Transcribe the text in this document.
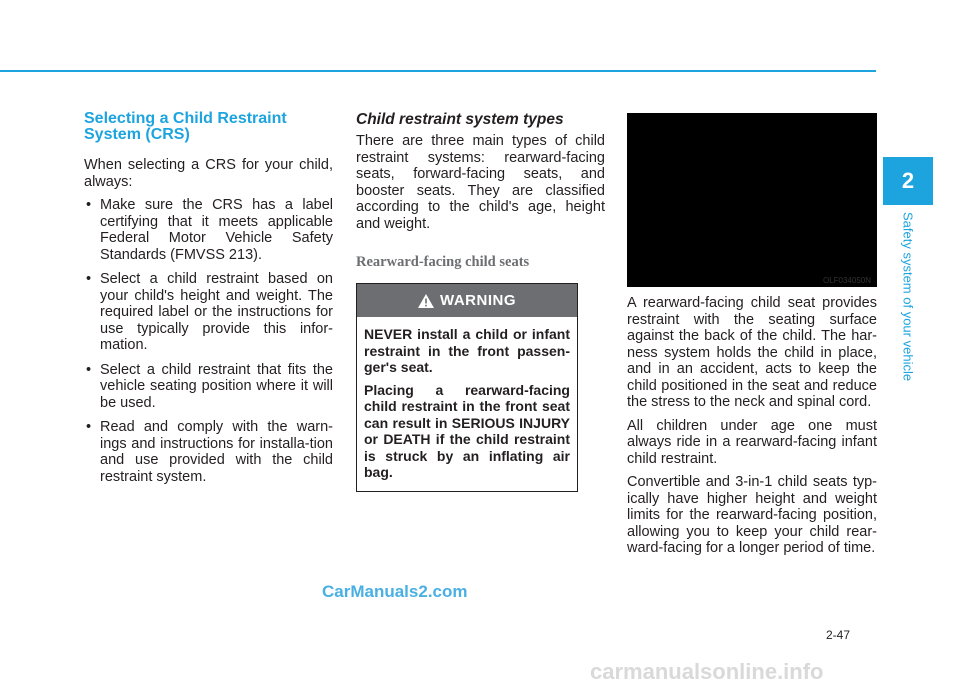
2
Safety system of your vehicle
Selecting a Child Restraint System (CRS)

When selecting a CRS for your child, always:

• Make sure the CRS has a label certifying that it meets applicable Federal Motor Vehicle Safety Standards (FMVSS 213).
• Select a child restraint based on your child's height and weight. The required label or the instructions for use typically provide this infor-mation.
• Select a child restraint that fits the vehicle seating position where it will be used.
• Read and comply with the warn-ings and instructions for installa-tion and use provided with the child restraint system.
Child restraint system types

There are three main types of child restraint systems: rearward-facing seats, forward-facing seats, and booster seats. They are classified according to the child's age, height and weight.

Rearward-facing child seats
WARNING

NEVER install a child or infant restraint in the front passen-ger's seat.

Placing a rearward-facing child restraint in the front seat can result in SERIOUS INJURY or DEATH if the child restraint is struck by an inflating air bag.

OLF034050N

A rearward-facing child seat provides restraint with the seating surface against the back of the child. The har-ness system holds the child in place, and in an accident, acts to keep the child positioned in the seat and reduce the stress to the neck and spinal cord.

All children under age one must always ride in a rearward-facing infant child restraint.

Convertible and 3-in-1 child seats typ-ically have higher height and weight limits for the rearward-facing position, allowing you to keep your child rear-ward-facing for a longer period of time.

2-47
CarManuals2.com
carmanualsonline.info
